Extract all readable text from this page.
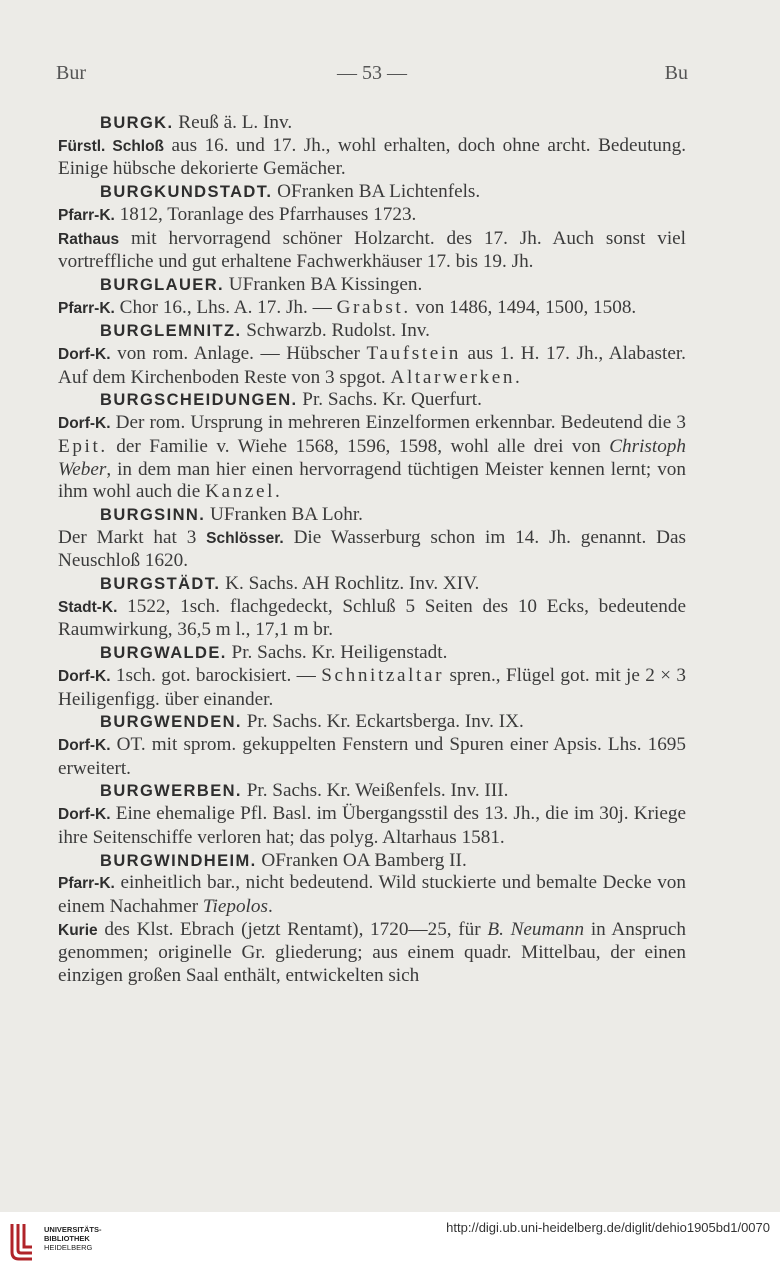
Bur	— 53 —	Bu

BURGK. Reuß ä. L. Inv.

Fürstl. Schloß aus 16. und 17. Jh., wohl erhalten, doch ohne archt. Bedeutung. Einige hübsche dekorierte Gemächer.

BURGKUNDSTADT. OFranken BA Lichtenfels.

Pfarr-K. 1812, Toranlage des Pfarrhauses 1723.

Rathaus mit hervorragend schöner Holzarcht. des 17. Jh. Auch sonst viel vortreffliche und gut erhaltene Fachwerkhäuser 17. bis 19. Jh.

BURGLAUER. UFranken BA Kissingen.

Pfarr-K. Chor 16., Lhs. A. 17. Jh. — Grabst. von 1486, 1494, 1500, 1508.

BURGLEMNITZ. Schwarzb. Rudolst. Inv.

Dorf-K. von rom. Anlage. — Hübscher Taufstein aus 1. H. 17. Jh., Alabaster. Auf dem Kirchenboden Reste von 3 spgot. Altarwerken.

BURGSCHEIDUNGEN. Pr. Sachs. Kr. Querfurt.

Dorf-K. Der rom. Ursprung in mehreren Einzelformen erkennbar. Bedeutend die 3 Epit. der Familie v. Wiehe 1568, 1596, 1598, wohl alle drei von Christoph Weber, in dem man hier einen hervorragend tüchtigen Meister kennen lernt; von ihm wohl auch die Kanzel.

BURGSINN. UFranken BA Lohr.

Der Markt hat 3 Schlösser. Die Wasserburg schon im 14. Jh. genannt. Das Neuschloß 1620.

BURGSTÄDT. K. Sachs. AH Rochlitz. Inv. XIV.

Stadt-K. 1522, 1sch. flachgedeckt, Schluß 5 Seiten des 10 Ecks, bedeutende Raumwirkung, 36,5 m l., 17,1 m br.

BURGWALDE. Pr. Sachs. Kr. Heiligenstadt.

Dorf-K. 1sch. got. barockisiert. — Schnitzaltar spren., Flügel got. mit je 2 × 3 Heiligenfigg. über einander.

BURGWENDEN. Pr. Sachs. Kr. Eckartsberga. Inv. IX.

Dorf-K. OT. mit sprom. gekuppelten Fenstern und Spuren einer Apsis. Lhs. 1695 erweitert.

BURGWERBEN. Pr. Sachs. Kr. Weißenfels. Inv. III.

Dorf-K. Eine ehemalige Pfl. Basl. im Übergangsstil des 13. Jh., die im 30j. Kriege ihre Seitenschiffe verloren hat; das polyg. Altarhaus 1581.

BURGWINDHEIM. OFranken OA Bamberg II.

Pfarr-K. einheitlich bar., nicht bedeutend. Wild stuckierte und bemalte Decke von einem Nachahmer Tiepolos.

Kurie des Klst. Ebrach (jetzt Rentamt), 1720—25, für B. Neumann in Anspruch genommen; originelle Gr. gliederung; aus einem quadr. Mittelbau, der einen einzigen großen Saal enthält, entwickelten sich

UNIVERSITÄTS-
BIBLIOTHEK
HEIDELBERG
http://digi.ub.uni-heidelberg.de/diglit/dehio1905bd1/0070
